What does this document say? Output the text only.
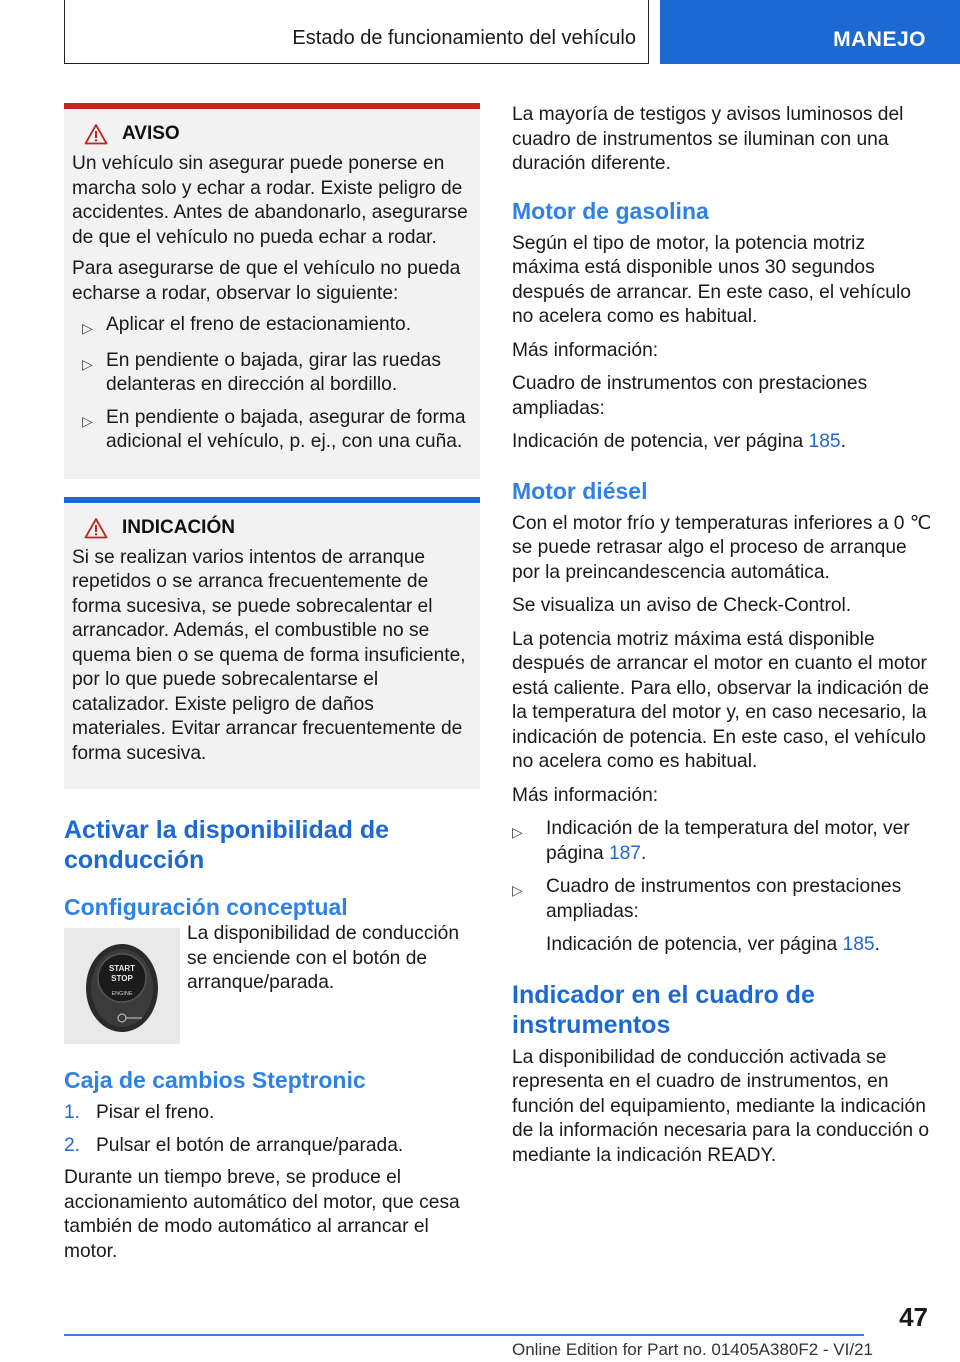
Estado de funcionamiento del vehículo	MANEJO
AVISO

Un vehículo sin asegurar puede ponerse en marcha solo y echar a rodar. Existe peligro de accidentes. Antes de abandonarlo, asegurarse de que el vehículo no pueda echar a rodar.

Para asegurarse de que el vehículo no pueda echarse a rodar, observar lo siguiente:

▷ Aplicar el freno de estacionamiento.
▷ En pendiente o bajada, girar las ruedas delanteras en dirección al bordillo.
▷ En pendiente o bajada, asegurar de forma adicional el vehículo, p. ej., con una cuña.
INDICACIÓN

Si se realizan varios intentos de arranque repetidos o se arranca frecuentemente de forma sucesiva, se puede sobrecalentar el arrancador. Además, el combustible no se quema bien o se quema de forma insuficiente, por lo que puede sobrecalentarse el catalizador. Existe peligro de daños materiales. Evitar arrancar frecuentemente de forma sucesiva.

Activar la disponibilidad de conducción
Configuración conceptual
START
STOP
ENGINE
La disponibilidad de conducción se enciende con el botón de arranque/parada.
Caja de cambios Steptronic
1. Pisar el freno.
2. Pulsar el botón de arranque/parada.

Durante un tiempo breve, se produce el accionamiento automático del motor, que cesa también de modo automático al arrancar el motor.

La mayoría de testigos y avisos luminosos del cuadro de instrumentos se iluminan con una duración diferente.

Motor de gasolina

Según el tipo de motor, la potencia motriz máxima está disponible unos 30 segundos después de arrancar. En este caso, el vehículo no acelera como es habitual.

Más información:

Cuadro de instrumentos con prestaciones ampliadas:

Indicación de potencia, ver página 185.

Motor diésel

Con el motor frío y temperaturas inferiores a 0 ℃ se puede retrasar algo el proceso de arranque por la preincandescencia automática.

Se visualiza un aviso de Check-Control.

La potencia motriz máxima está disponible después de arrancar el motor en cuanto el motor está caliente. Para ello, observar la indicación de la temperatura del motor y, en caso necesario, la indicación de potencia. En este caso, el vehículo no acelera como es habitual.

Más información:

▷	Indicación de la temperatura del motor, ver página 187.
▷	Cuadro de instrumentos con prestaciones ampliadas:
Indicación de potencia, ver página 185.
Indicador en el cuadro de instrumentos

La disponibilidad de conducción activada se representa en el cuadro de instrumentos, en función del equipamiento, mediante la indicación de la información necesaria para la conducción o mediante la indicación READY.

47
Online Edition for Part no. 01405A380F2 - VI/21
